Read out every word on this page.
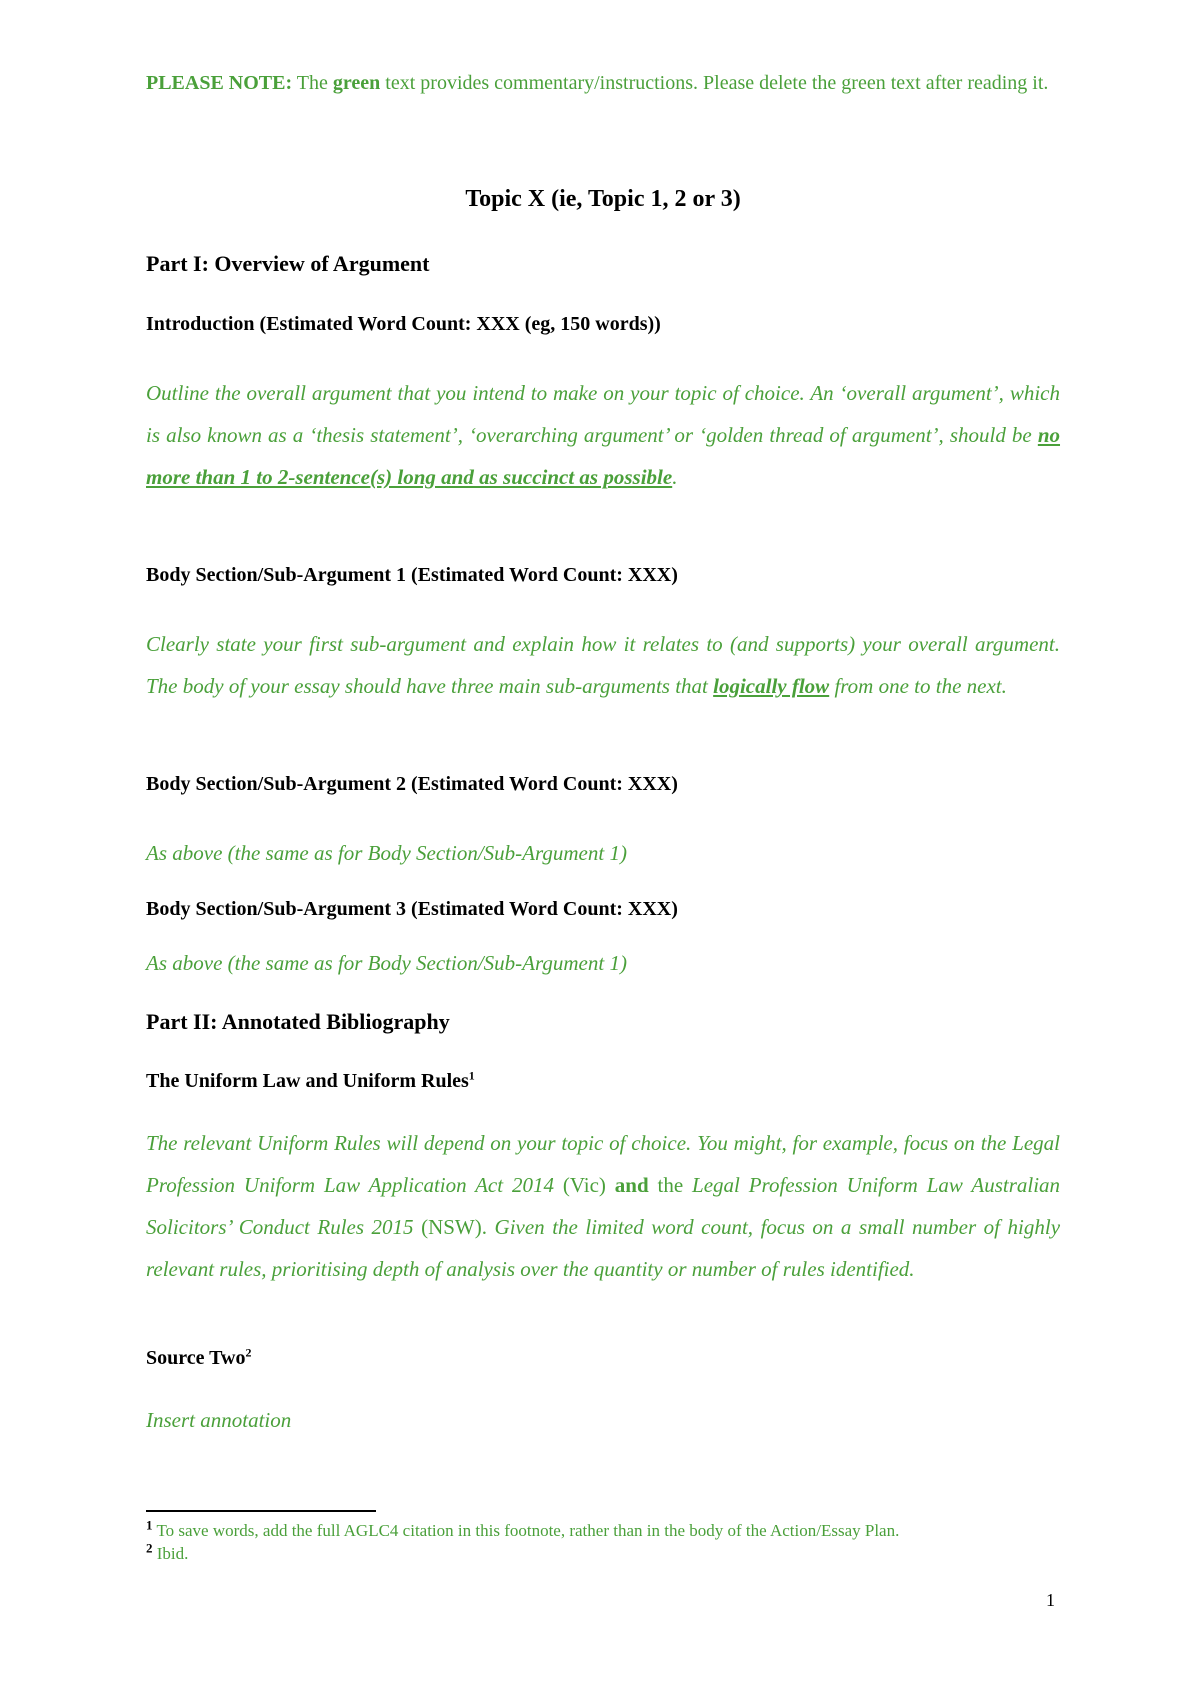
PLEASE NOTE: The green text provides commentary/instructions. Please delete the green text after reading it.

Topic X (ie, Topic 1, 2 or 3)
Part I: Overview of Argument
Introduction (Estimated Word Count: XXX (eg, 150 words))

Outline the overall argument that you intend to make on your topic of choice. An ‘overall argument’, which is also known as a ‘thesis statement’, ‘overarching argument’ or ‘golden thread of argument’, should be no more than 1 to 2-sentence(s) long and as succinct as possible.

Body Section/Sub-Argument 1 (Estimated Word Count: XXX)

Clearly state your first sub-argument and explain how it relates to (and supports) your overall argument. The body of your essay should have three main sub-arguments that logically flow from one to the next.

Body Section/Sub-Argument 2 (Estimated Word Count: XXX)

As above (the same as for Body Section/Sub-Argument 1)

Body Section/Sub-Argument 3 (Estimated Word Count: XXX)

As above (the same as for Body Section/Sub-Argument 1)

Part II: Annotated Bibliography
The Uniform Law and Uniform Rules$^1$

The relevant Uniform Rules will depend on your topic of choice. You might, for example, focus on the Legal Profession Uniform Law Application Act 2014 (Vic) and the Legal Profession Uniform Law Australian Solicitors’ Conduct Rules 2015 (NSW). Given the limited word count, focus on a small number of highly relevant rules, prioritising depth of analysis over the quantity or number of rules identified.

Source Two$^2$

Insert annotation

$^1$ To save words, add the full AGLC4 citation in this footnote, rather than in the body of the Action/Essay Plan.
$^2$ Ibid.
1
